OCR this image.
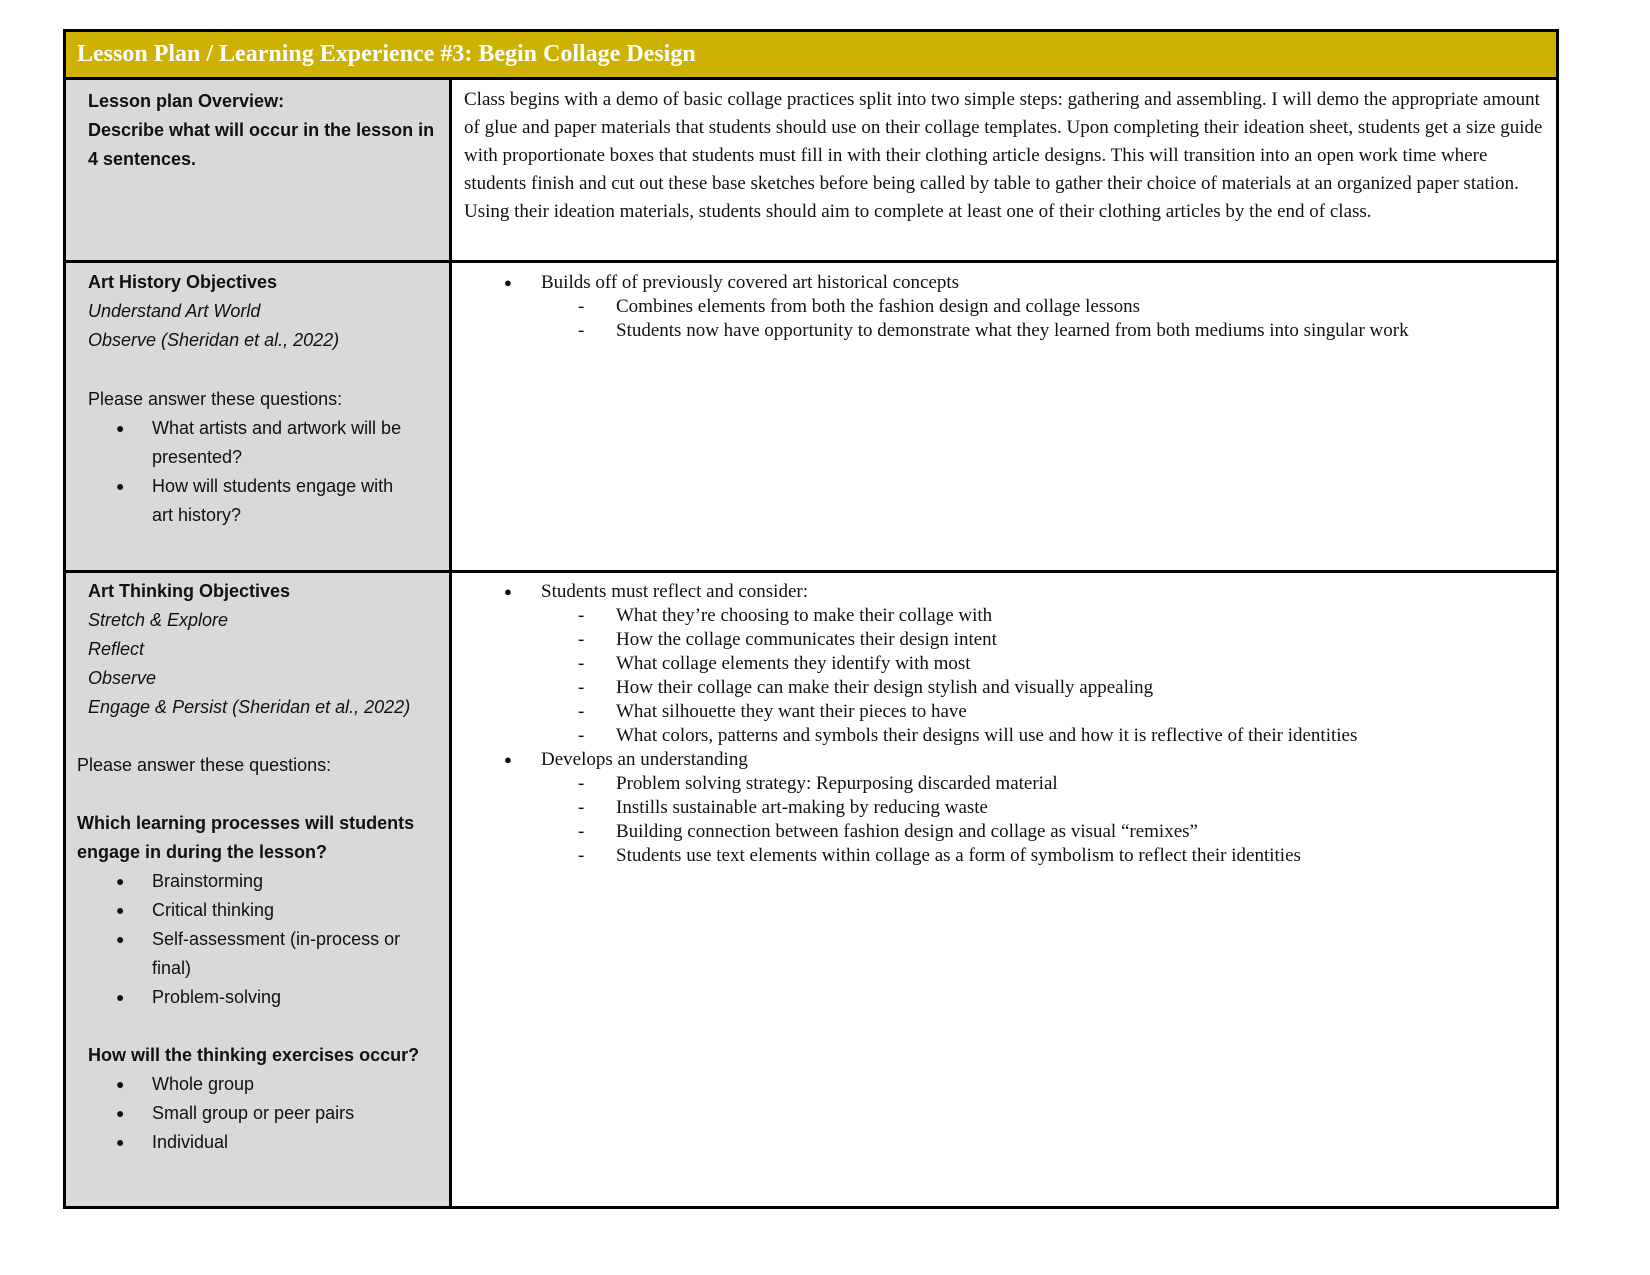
Lesson Plan / Learning Experience #3: Begin Collage Design
Lesson plan Overview:
Describe what will occur in the lesson in
4 sentences.
Class begins with a demo of basic collage practices split into two simple steps: gathering and assembling. I will demo the appropriate amount of glue and paper materials that students should use on their collage templates. Upon completing their ideation sheet, students get a size guide with proportionate boxes that students must fill in with their clothing article designs. This will transition into an open work time where students finish and cut out these base sketches before being called by table to gather their choice of materials at an organized paper station. Using their ideation materials, students should aim to complete at least one of their clothing articles by the end of class.
Art History Objectives
Understand Art World
Observe (Sheridan et al., 2022)
Please answer these questions:
● What artists and artwork will be
presented?
● How will students engage with
art history?
● Builds off of previously covered art historical concepts
- Combines elements from both the fashion design and collage lessons
- Students now have opportunity to demonstrate what they learned from both mediums into singular work
Art Thinking Objectives
Stretch & Explore
Reflect
Observe
Engage & Persist (Sheridan et al., 2022)
Please answer these questions:
Which learning processes will students
engage in during the lesson?
● Brainstorming
● Critical thinking
● Self-assessment (in-process or
final)
● Problem-solving
How will the thinking exercises occur?
● Whole group
● Small group or peer pairs
● Individual
● Students must reflect and consider:
- What they’re choosing to make their collage with
- How the collage communicates their design intent
- What collage elements they identify with most
- How their collage can make their design stylish and visually appealing
- What silhouette they want their pieces to have
- What colors, patterns and symbols their designs will use and how it is reflective of their identities
● Develops an understanding
- Problem solving strategy: Repurposing discarded material
- Instills sustainable art-making by reducing waste
- Building connection between fashion design and collage as visual “remixes”
- Students use text elements within collage as a form of symbolism to reflect their identities
